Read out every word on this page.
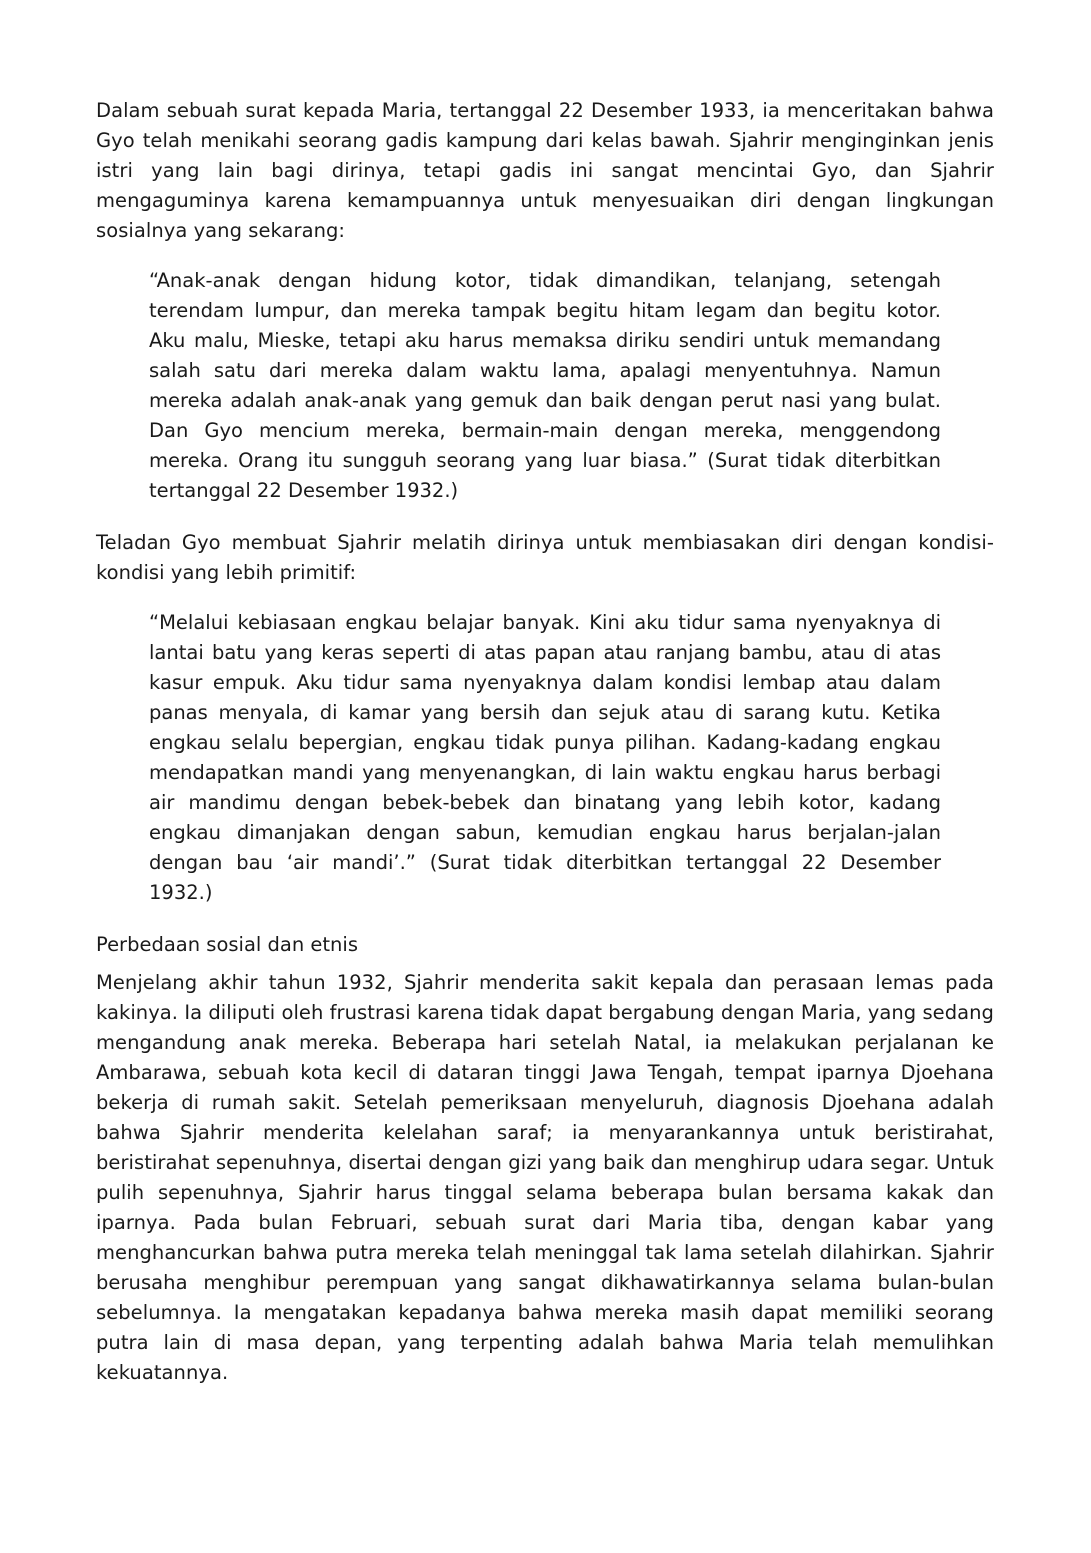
Dalam sebuah surat kepada Maria, tertanggal 22 Desember 1933, ia menceritakan bahwa Gyo telah menikahi seorang gadis kampung dari kelas bawah. Sjahrir menginginkan jenis istri yang lain bagi dirinya, tetapi gadis ini sangat mencintai Gyo, dan Sjahrir mengaguminya karena kemampuannya untuk menyesuaikan diri dengan lingkungan sosialnya yang sekarang:

“Anak-anak dengan hidung kotor, tidak dimandikan, telanjang, setengah terendam lumpur, dan mereka tampak begitu hitam legam dan begitu kotor. Aku malu, Mieske, tetapi aku harus memaksa diriku sendiri untuk memandang salah satu dari mereka dalam waktu lama, apalagi menyentuhnya. Namun mereka adalah anak-anak yang gemuk dan baik dengan perut nasi yang bulat. Dan Gyo mencium mereka, bermain-main dengan mereka, menggendong mereka. Orang itu sungguh seorang yang luar biasa.” (Surat tidak diterbitkan tertanggal 22 Desember 1932.)

Teladan Gyo membuat Sjahrir melatih dirinya untuk membiasakan diri dengan kondisi-kondisi yang lebih primitif:

“Melalui kebiasaan engkau belajar banyak. Kini aku tidur sama nyenyaknya di lantai batu yang keras seperti di atas papan atau ranjang bambu, atau di atas kasur empuk. Aku tidur sama nyenyaknya dalam kondisi lembap atau dalam panas menyala, di kamar yang bersih dan sejuk atau di sarang kutu. Ketika engkau selalu bepergian, engkau tidak punya pilihan. Kadang-kadang engkau mendapatkan mandi yang menyenangkan, di lain waktu engkau harus berbagi air mandimu dengan bebek-bebek dan binatang yang lebih kotor, kadang engkau dimanjakan dengan sabun, kemudian engkau harus berjalan-jalan dengan bau ‘air mandi’.” (Surat tidak diterbitkan tertanggal 22 Desember 1932.)

Perbedaan sosial dan etnis

Menjelang akhir tahun 1932, Sjahrir menderita sakit kepala dan perasaan lemas pada kakinya. Ia diliputi oleh frustrasi karena tidak dapat bergabung dengan Maria, yang sedang mengandung anak mereka. Beberapa hari setelah Natal, ia melakukan perjalanan ke Ambarawa, sebuah kota kecil di dataran tinggi Jawa Tengah, tempat iparnya Djoehana bekerja di rumah sakit. Setelah pemeriksaan menyeluruh, diagnosis Djoehana adalah bahwa Sjahrir menderita kelelahan saraf; ia menyarankannya untuk beristirahat, beristirahat sepenuhnya, disertai dengan gizi yang baik dan menghirup udara segar. Untuk pulih sepenuhnya, Sjahrir harus tinggal selama beberapa bulan bersama kakak dan iparnya. Pada bulan Februari, sebuah surat dari Maria tiba, dengan kabar yang menghancurkan bahwa putra mereka telah meninggal tak lama setelah dilahirkan. Sjahrir berusaha menghibur perempuan yang sangat dikhawatirkannya selama bulan-bulan sebelumnya. Ia mengatakan kepadanya bahwa mereka masih dapat memiliki seorang putra lain di masa depan, yang terpenting adalah bahwa Maria telah memulihkan kekuatannya.
